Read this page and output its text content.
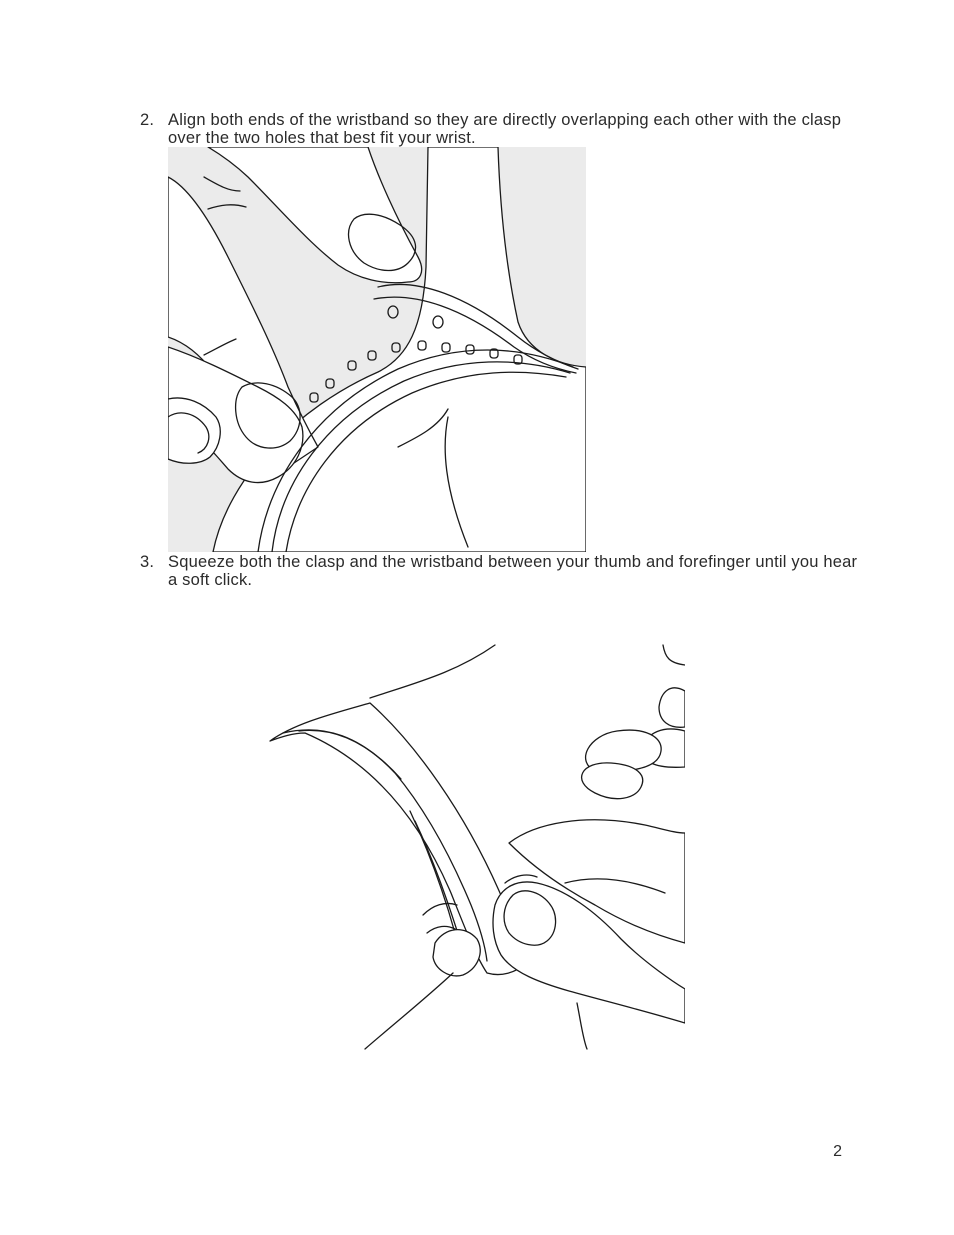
2. Align both ends of the wristband so they are directly overlapping each other with the clasp over the two holes that best fit your wrist.
3. Squeeze both the clasp and the wristband between your thumb and forefinger until you hear a soft click.
2
